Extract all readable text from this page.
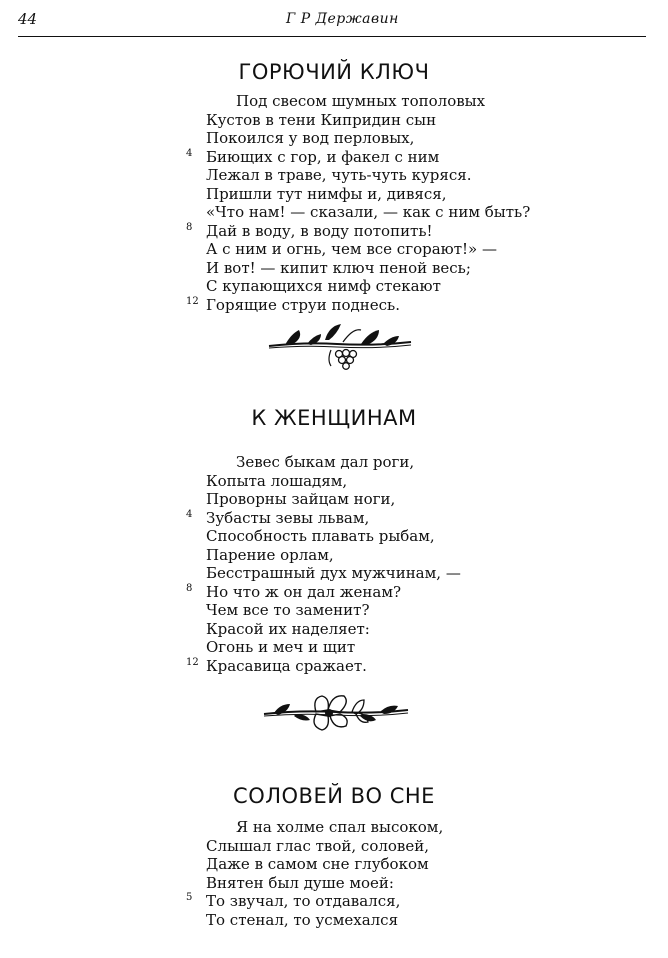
44	Г Р Державин
ГОРЮЧИЙ КЛЮЧ
Под свесом шумных тополовых
Кустов в тени Кипридин сын
Покоился у вод перловых,
4 Биющих с гор, и факел с ним
Лежал в траве, чуть-чуть куряся.
Пришли тут нимфы и, дивяся,
«Что нам! — сказали, — как с ним быть?
8 Дай в воду, в воду потопить!
А с ним и огнь, чем все сгорают!» —
И вот! — кипит ключ пеной весь;
С купающихся нимф стекают
12 Горящие струи поднесь.
К ЖЕНЩИНАМ
Зевес быкам дал роги,
Копыта лошадям,
Проворны зайцам ноги,
4 Зубасты зевы львам,
Способность плавать рыбам,
Парение орлам,
Бесстрашный дух мужчинам, —
8 Но что ж он дал женам?
Чем все то заменит?
Красой их наделяет:
Огонь и меч и щит
12 Красавица сражает.
СОЛОВЕЙ ВО СНЕ
Я на холме спал высоком,
Слышал глас твой, соловей,
Даже в самом сне глубоком
Внятен был душе моей:
5 То звучал, то отдавался,
То стенал, то усмехался
